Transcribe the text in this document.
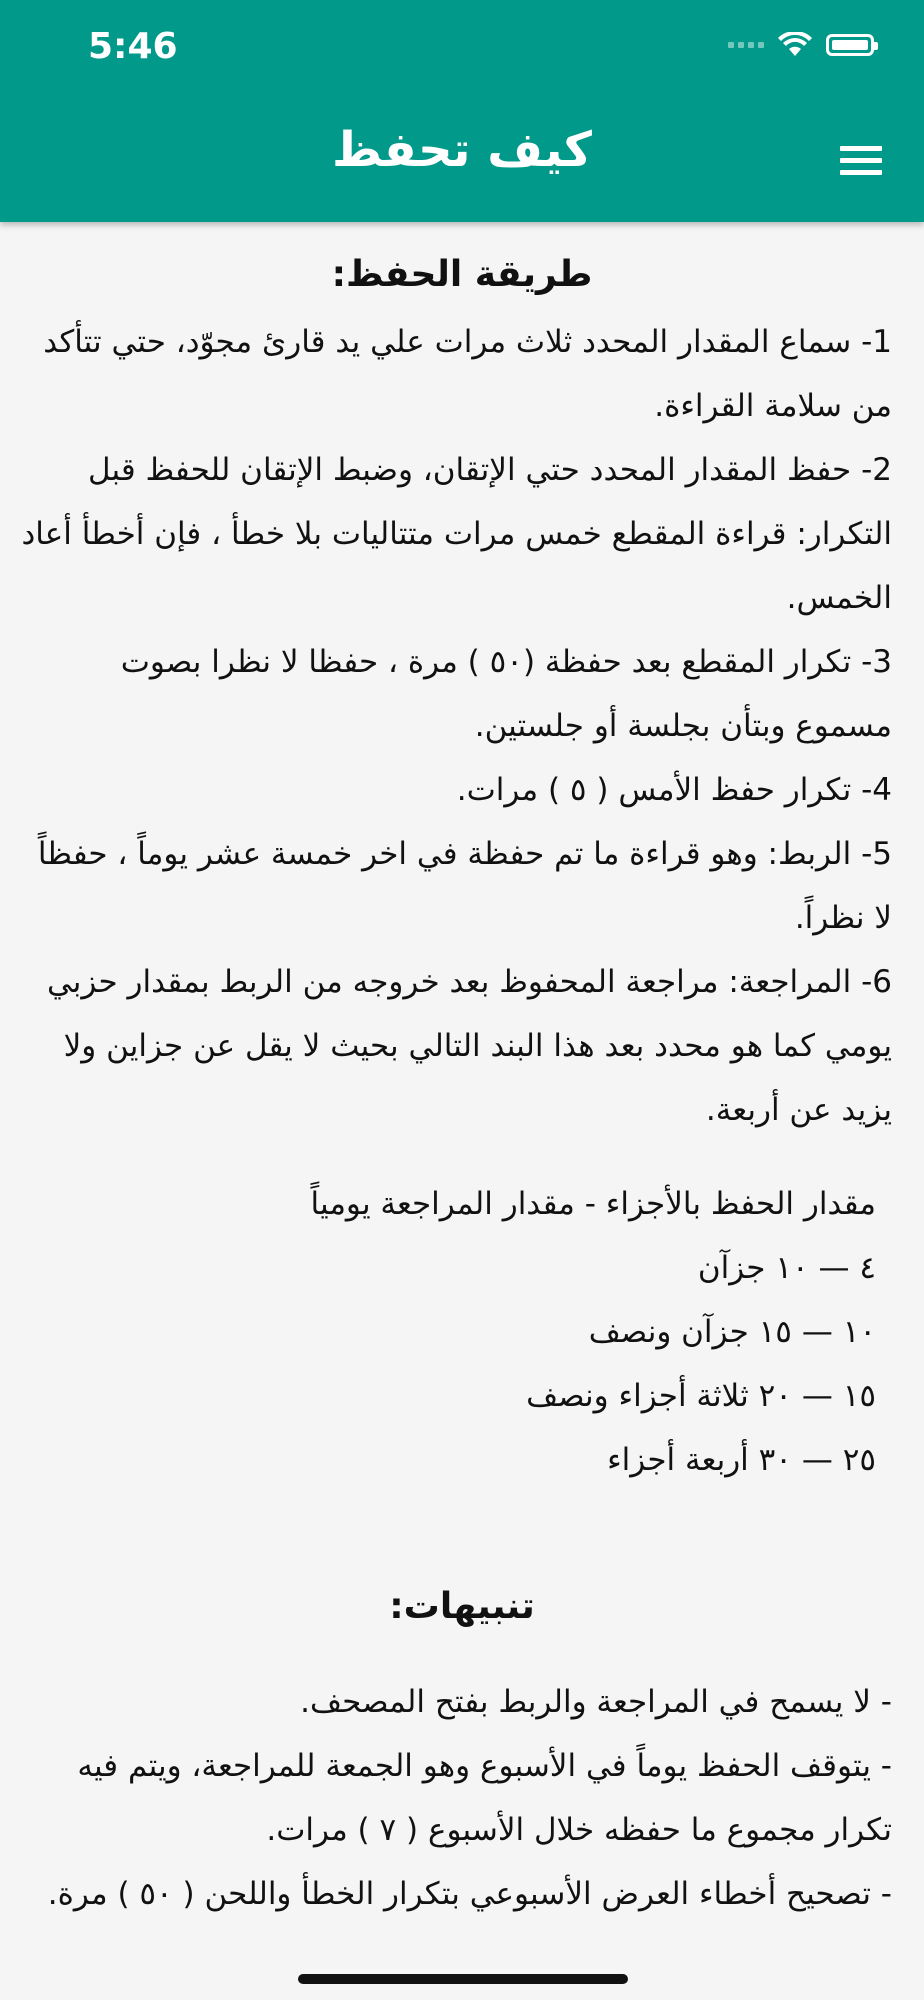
5:46
كيف تحفظ
طريقة الحفظ:

1- سماع المقدار المحدد ثلاث مرات علي يد قارئ مجوّد، حتي تتأكد من سلامة القراءة.

2- حفظ المقدار المحدد حتي الإتقان، وضبط الإتقان للحفظ قبل التكرار: قراءة المقطع خمس مرات متتاليات بلا خطأ ، فإن أخطأ أعاد الخمس.

3- تكرار المقطع بعد حفظة (٥٠ ) مرة ، حفظا لا نظرا بصوت مسموع وبتأن بجلسة أو جلستين.

4- تكرار حفظ الأمس ( ٥ ) مرات.

5- الربط: وهو قراءة ما تم حفظة في اخر خمسة عشر يوماً ، حفظاً لا نظراً.

6- المراجعة: مراجعة المحفوظ بعد خروجه من الربط بمقدار حزبي يومي كما هو محدد بعد هذا البند التالي بحيث لا يقل عن جزاين ولا يزيد عن أربعة.

مقدار الحفظ بالأجزاء - مقدار المراجعة يومياً
٤ — ١٠ جزآن
١٠ — ١٥ جزآن ونصف
١٥ — ٢٠ ثلاثة أجزاء ونصف
٢٥ — ٣٠ أربعة أجزاء
تنبيهات:

- لا يسمح في المراجعة والربط بفتح المصحف.

- يتوقف الحفظ يوماً في الأسبوع وهو الجمعة للمراجعة، ويتم فيه تكرار مجموع ما حفظه خلال الأسبوع ( ٧ ) مرات.

- تصحيح أخطاء العرض الأسبوعي بتكرار الخطأ واللحن ( ٥٠ ) مرة.
